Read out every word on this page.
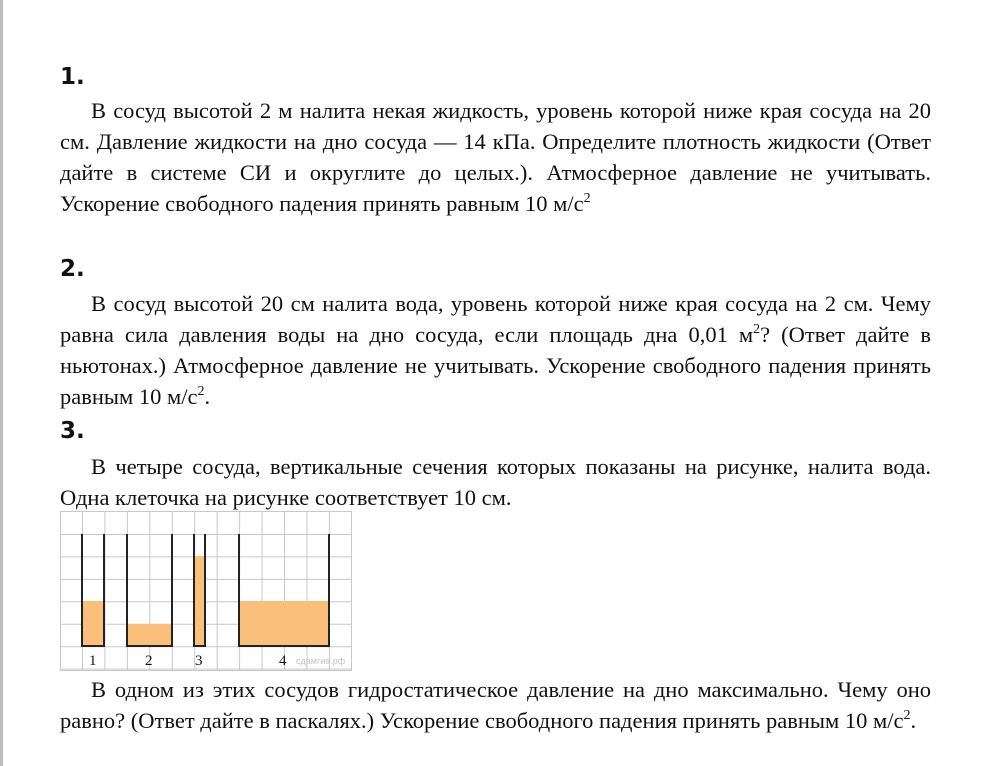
1.
В сосуд высотой 2 м налита некая жидкость, уровень которой ниже края сосуда на 20 см. Давление жидкости на дно сосуда — 14 кПа. Определите плотность жидкости (Ответ дайте в системе СИ и округлите до целых.). Атмосферное давление не учитывать. Ускорение свободного падения принять равным 10 $м/с^2$
2.
В сосуд высотой 20 см налита вода, уровень которой ниже края сосуда на 2 см. Чему равна сила давления воды на дно сосуда, если площадь дна 0,01 $м^2$? (Ответ дайте в ньютонах.) Атмосферное давление не учитывать. Ускорение свободного падения принять равным 10 $м/с^2$.
3.
В четыре сосуда, вертикальные сечения которых показаны на рисунке, налита вода. Одна клеточка на рисунке соответствует 10 см.
1	2	3	4 сдамгиа.рф
В одном из этих сосудов гидростатическое давление на дно максимально. Чему оно равно? (Ответ дайте в паскалях.) Ускорение свободного падения принять равным 10 $м/с^2$.
